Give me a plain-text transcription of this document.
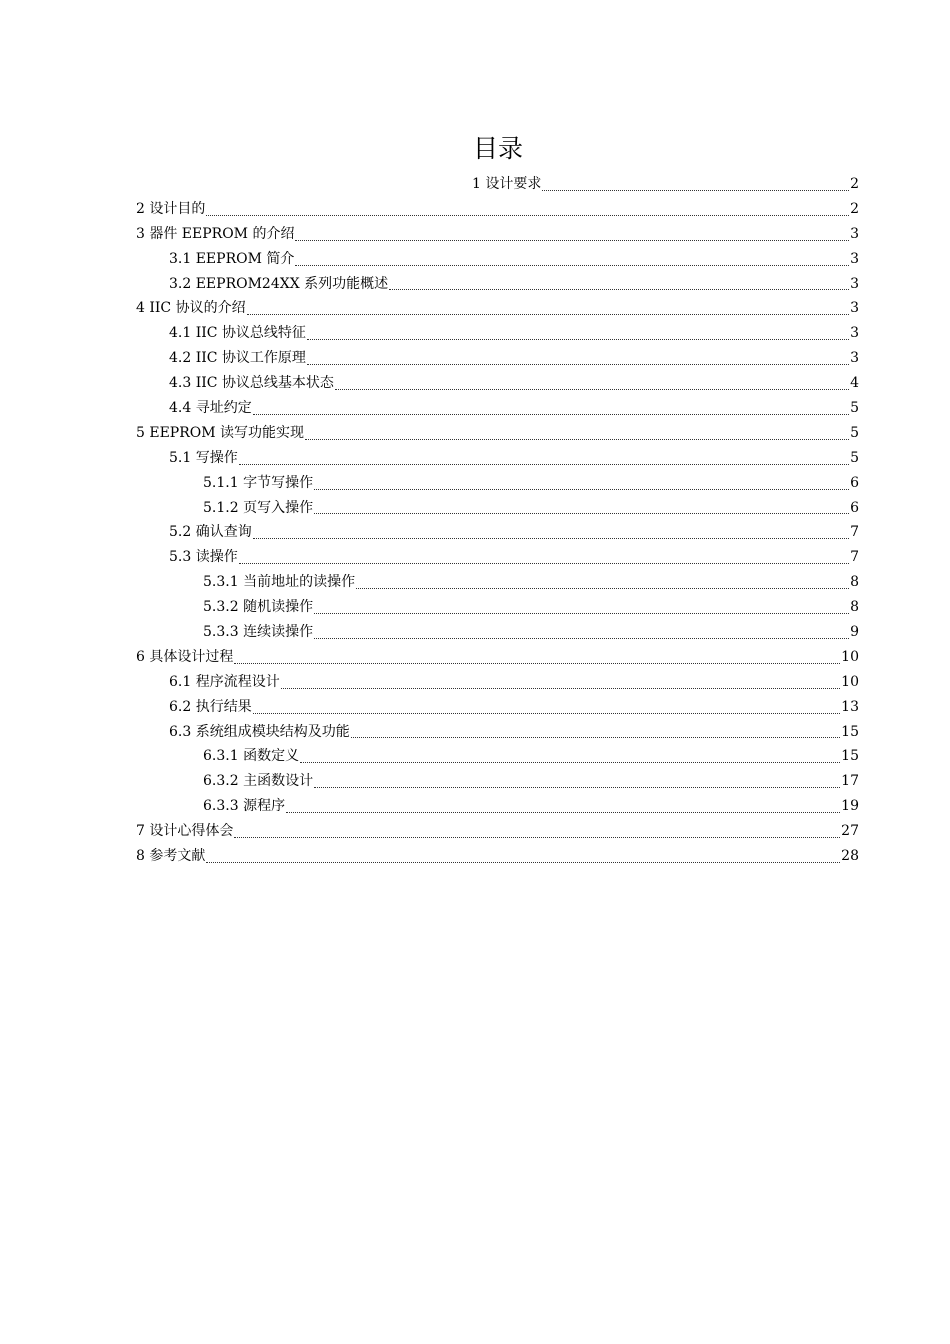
目录
1 设计要求	2
2 设计目的	2
3 器件 EEPROM 的介绍	3
3.1 EEPROM 简介	3
3.2 EEPROM24XX 系列功能概述	3
4 IIC 协议的介绍	3
4.1 IIC 协议总线特征	3
4.2 IIC 协议工作原理	3
4.3 IIC 协议总线基本状态	4
4.4 寻址约定	5
5 EEPROM 读写功能实现	5
5.1 写操作	5
5.1.1 字节写操作	6
5.1.2 页写入操作	6
5.2 确认查询	7
5.3 读操作	7
5.3.1 当前地址的读操作	8
5.3.2 随机读操作	8
5.3.3 连续读操作	9
6 具体设计过程	10
6.1 程序流程设计	10
6.2 执行结果	13
6.3 系统组成模块结构及功能	15
6.3.1 函数定义	15
6.3.2 主函数设计	17
6.3.3 源程序	19
7 设计心得体会	27
8 参考文献	28
